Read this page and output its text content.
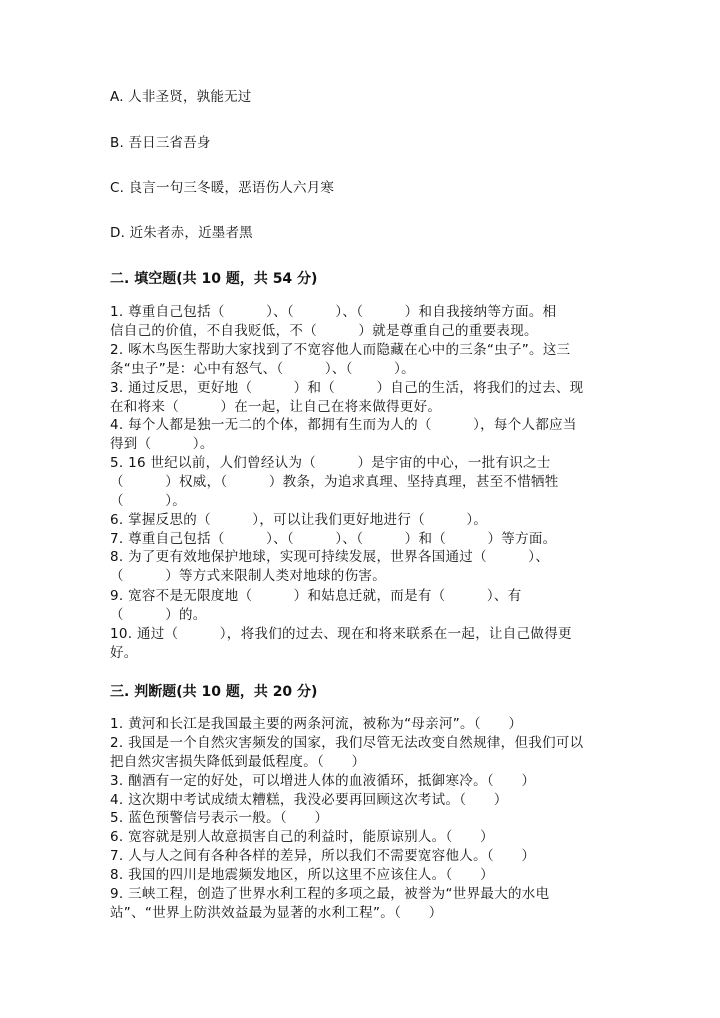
A. 人非圣贤，孰能无过
B. 吾日三省吾身
C. 良言一句三冬暖，恶语伤人六月寒
D. 近朱者赤，近墨者黑
二. 填空题(共 10 题，共 54 分)
1. 尊重自己包括（　　　）、（　　　）、（　　　）和自我接纳等方面。相
信自己的价值，不自我贬低，不（　　　）就是尊重自己的重要表现。
2. 啄木鸟医生帮助大家找到了不宽容他人而隐藏在心中的三条“虫子”。这三
条“虫子”是：心中有怒气、（　　　）、（　　　）。
3. 通过反思，更好地（　　　）和（　　　）自己的生活，将我们的过去、现
在和将来（　　　）在一起，让自己在将来做得更好。
4. 每个人都是独一无二的个体，都拥有生而为人的（　　　），每个人都应当
得到（　　　）。
5. 16 世纪以前，人们曾经认为（　　　）是宇宙的中心，一批有识之士
（　　　）权威，（　　　）教条，为追求真理、坚持真理，甚至不惜牺牲
（　　　）。
6. 掌握反思的（　　　），可以让我们更好地进行（　　　）。
7. 尊重自己包括（　　　）、（　　　）、（　　　）和（　　　）等方面。
8. 为了更有效地保护地球，实现可持续发展，世界各国通过（　　　）、
（　　　）等方式来限制人类对地球的伤害。
9. 宽容不是无限度地（　　　）和姑息迁就，而是有（　　　）、有
（　　　）的。
10. 通过（　　　），将我们的过去、现在和将来联系在一起，让自己做得更
好。
三. 判断题(共 10 题，共 20 分)
1. 黄河和长江是我国最主要的两条河流，被称为“母亲河”。（　　）
2. 我国是一个自然灾害频发的国家，我们尽管无法改变自然规律，但我们可以
把自然灾害损失降低到最低程度。（　　）
3. 酗酒有一定的好处，可以增进人体的血液循环，抵御寒冷。（　　）
4. 这次期中考试成绩太糟糕，我没必要再回顾这次考试。（　　）
5. 蓝色预警信号表示一般。（　　）
6. 宽容就是别人故意损害自己的利益时，能原谅别人。（　　）
7. 人与人之间有各种各样的差异，所以我们不需要宽容他人。（　　）
8. 我国的四川是地震频发地区，所以这里不应该住人。（　　）
9. 三峡工程，创造了世界水利工程的多项之最，被誉为“世界最大的水电
站”、“世界上防洪效益最为显著的水利工程”。（　　）
